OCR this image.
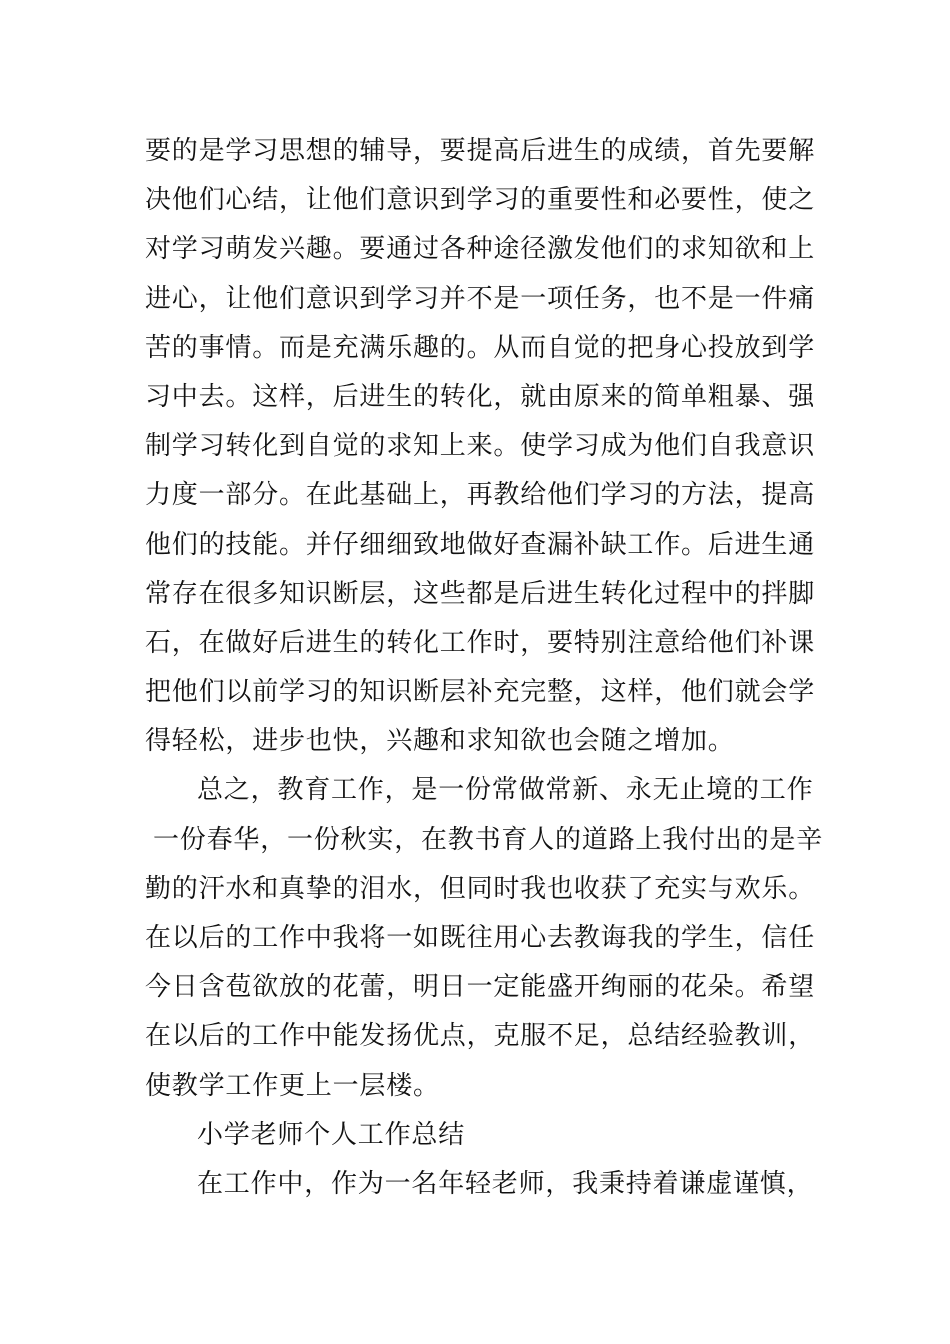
要的是学习思想的辅导，要提高后进生的成绩，首先要解
决他们心结，让他们意识到学习的重要性和必要性，使之
对学习萌发兴趣。要通过各种途径激发他们的求知欲和上
进心，让他们意识到学习并不是一项任务，也不是一件痛
苦的事情。而是充满乐趣的。从而自觉的把身心投放到学
习中去。这样，后进生的转化，就由原来的简单粗暴、强
制学习转化到自觉的求知上来。使学习成为他们自我意识
力度一部分。在此基础上，再教给他们学习的方法，提高
他们的技能。并仔细细致地做好查漏补缺工作。后进生通
常存在很多知识断层，这些都是后进生转化过程中的拌脚
石，在做好后进生的转化工作时，要特别注意给他们补课
把他们以前学习的知识断层补充完整，这样，他们就会学
得轻松，进步也快，兴趣和求知欲也会随之增加。
总之，教育工作，是一份常做常新、永无止境的工作
一份春华，一份秋实，在教书育人的道路上我付出的是辛
勤的汗水和真挚的泪水，但同时我也收获了充实与欢乐。
在以后的工作中我将一如既往用心去教诲我的学生，信任
今日含苞欲放的花蕾，明日一定能盛开绚丽的花朵。希望
在以后的工作中能发扬优点，克服不足，总结经验教训，
使教学工作更上一层楼。
小学老师个人工作总结
在工作中，作为一名年轻老师，我秉持着谦虚谨慎，
